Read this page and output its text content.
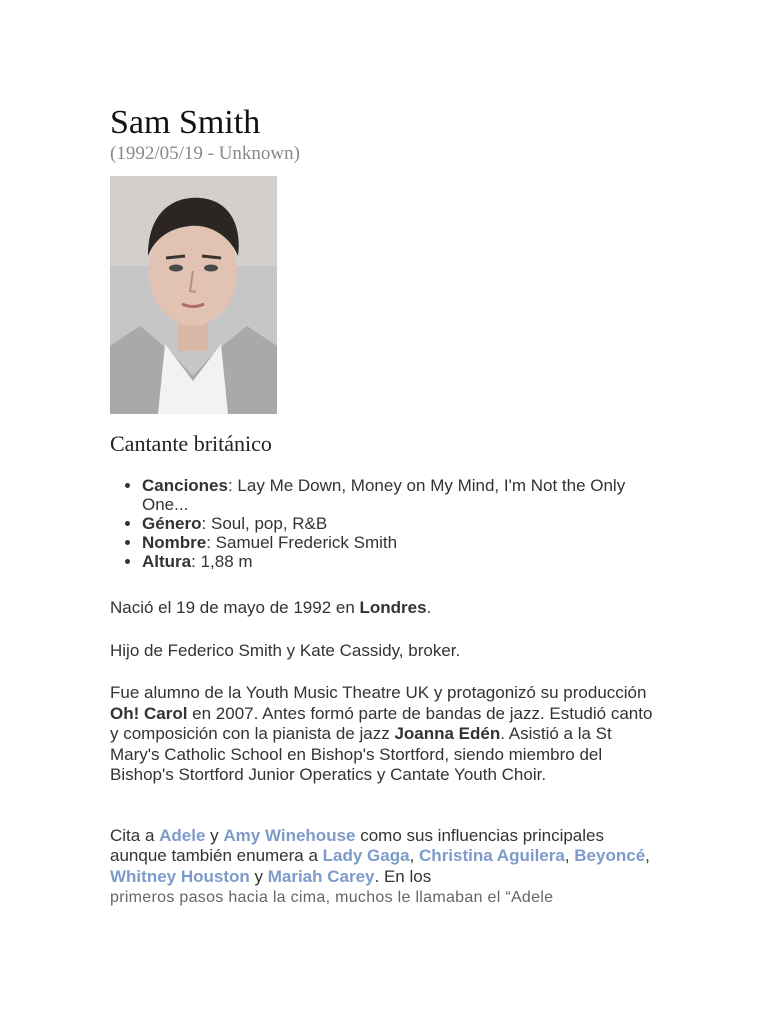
Sam Smith

(1992/05/19 - Unknown)

Cantante británico
• Canciones: Lay Me Down, Money on My Mind, I'm Not the Only One...
• Género: Soul, pop, R&B
• Nombre: Samuel Frederick Smith
• Altura: 1,88 m

Nació el 19 de mayo de 1992 en Londres.

Hijo de Federico Smith y Kate Cassidy, broker.

Fue alumno de la Youth Music Theatre UK y protagonizó su producción Oh! Carol en 2007. Antes formó parte de bandas de jazz. Estudió canto y composición con la pianista de jazz Joanna Edén. Asistió a la St Mary's Catholic School en Bishop's Stortford, siendo miembro del Bishop's Stortford Junior Operatics y Cantate Youth Choir.

Cita a Adele y Amy Winehouse como sus influencias principales aunque también enumera a Lady Gaga, Christina Aguilera, Beyoncé, Whitney Houston y Mariah Carey. En los
primeros pasos hacia la cima, muchos le llamaban el “Adele
